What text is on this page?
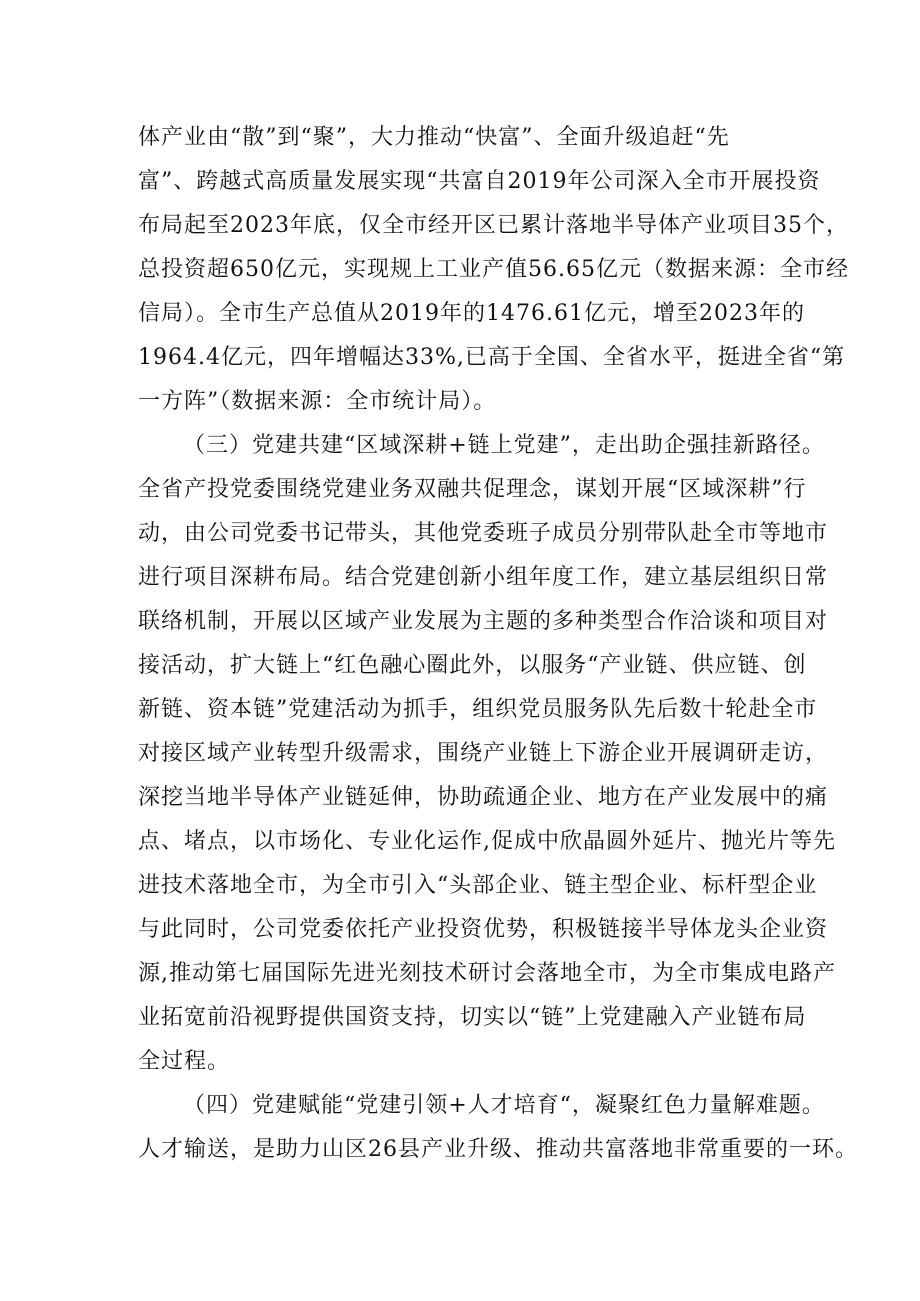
体产业由“散”到“聚”，大力推动“快富”、全面升级追赶“先
富”、跨越式高质量发展实现“共富自2019年公司深入全市开展投资
布局起至2023年底，仅全市经开区已累计落地半导体产业项目35个，
总投资超650亿元，实现规上工业产值56.65亿元（数据来源：全市经
信局）。全市生产总值从2019年的1476.61亿元，增至2023年的
1964.4亿元，四年增幅达33%,已高于全国、全省水平，挺进全省“第
一方阵”（数据来源：全市统计局）。
（三）党建共建“区域深耕+链上党建”，走出助企强挂新路径。
全省产投党委围绕党建业务双融共促理念，谋划开展“区域深耕”行
动，由公司党委书记带头，其他党委班子成员分别带队赴全市等地市
进行项目深耕布局。结合党建创新小组年度工作，建立基层组织日常
联络机制，开展以区域产业发展为主题的多种类型合作洽谈和项目对
接活动，扩大链上“红色融心圈此外，以服务“产业链、供应链、创
新链、资本链”党建活动为抓手，组织党员服务队先后数十轮赴全市
对接区域产业转型升级需求，围绕产业链上下游企业开展调研走访，
深挖当地半导体产业链延伸，协助疏通企业、地方在产业发展中的痛
点、堵点，以市场化、专业化运作,促成中欣晶圆外延片、抛光片等先
进技术落地全市，为全市引入“头部企业、链主型企业、标杆型企业
与此同时，公司党委依托产业投资优势，积极链接半导体龙头企业资
源,推动第七届国际先进光刻技术研讨会落地全市，为全市集成电路产
业拓宽前沿视野提供国资支持，切实以“链”上党建融入产业链布局
全过程。
（四）党建赋能“党建引领+人才培育“，凝聚红色力量解难题。
人才输送，是助力山区26县产业升级、推动共富落地非常重要的一环。
